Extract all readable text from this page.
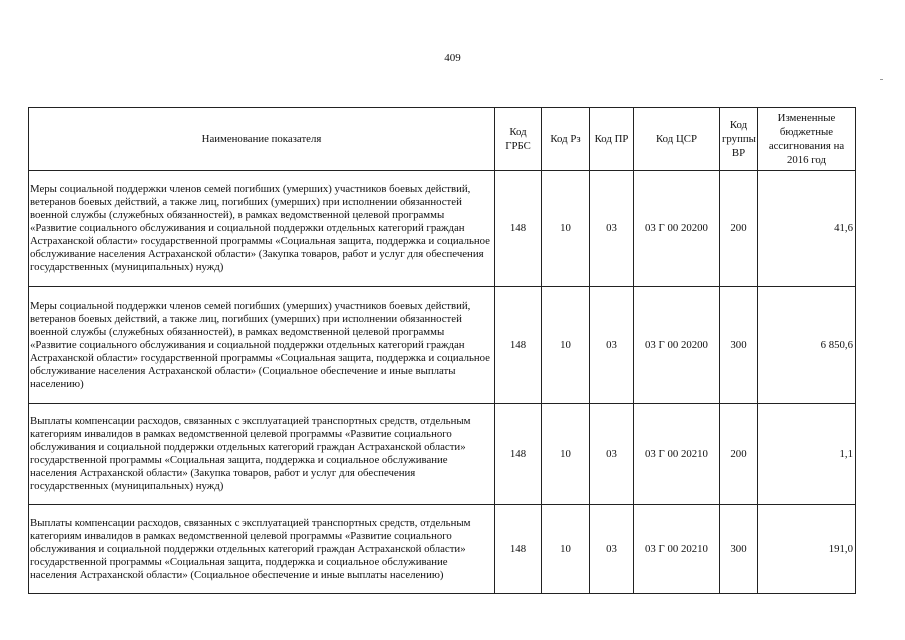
409
Наименование показателя	Код ГРБС	Код Рз	Код ПР	Код ЦСР	Код группы ВР	Измененные бюджетные ассигнования на 2016 год
Меры социальной поддержки членов семей погибших (умерших) участников боевых действий, ветеранов боевых действий, а также лиц, погибших (умерших) при исполнении обязанностей военной службы (служебных обязанностей), в рамках ведомственной целевой программы «Развитие социального обслуживания и социальной поддержки отдельных категорий граждан Астраханской области» государственной программы «Социальная защита, поддержка и социальное обслуживание населения Астраханской области» (Закупка товаров, работ и услуг для обеспечения государственных (муниципальных) нужд)	148	10	03	03 Г 00 20200	200	41,6
Меры социальной поддержки членов семей погибших (умерших) участников боевых действий, ветеранов боевых действий, а также лиц, погибших (умерших) при исполнении обязанностей военной службы (служебных обязанностей), в рамках ведомственной целевой программы «Развитие социального обслуживания и социальной поддержки отдельных категорий граждан Астраханской области» государственной программы «Социальная защита, поддержка и социальное обслуживание населения Астраханской области» (Социальное обеспечение и иные выплаты населению)	148	10	03	03 Г 00 20200	300	6 850,6
Выплаты компенсации расходов, связанных с эксплуатацией транспортных средств, отдельным категориям инвалидов в рамках ведомственной целевой программы «Развитие социального обслуживания и социальной поддержки отдельных категорий граждан Астраханской области» государственной программы «Социальная защита, поддержка и социальное обслуживание населения Астраханской области» (Закупка товаров, работ и услуг для обеспечения государственных (муниципальных) нужд)	148	10	03	03 Г 00 20210	200	1,1
Выплаты компенсации расходов, связанных с эксплуатацией транспортных средств, отдельным категориям инвалидов в рамках ведомственной целевой программы «Развитие социального обслуживания и социальной поддержки отдельных категорий граждан Астраханской области» государственной программы «Социальная защита, поддержка и социальное обслуживание населения Астраханской области» (Социальное обеспечение и иные выплаты населению)	148	10	03	03 Г 00 20210	300	191,0
